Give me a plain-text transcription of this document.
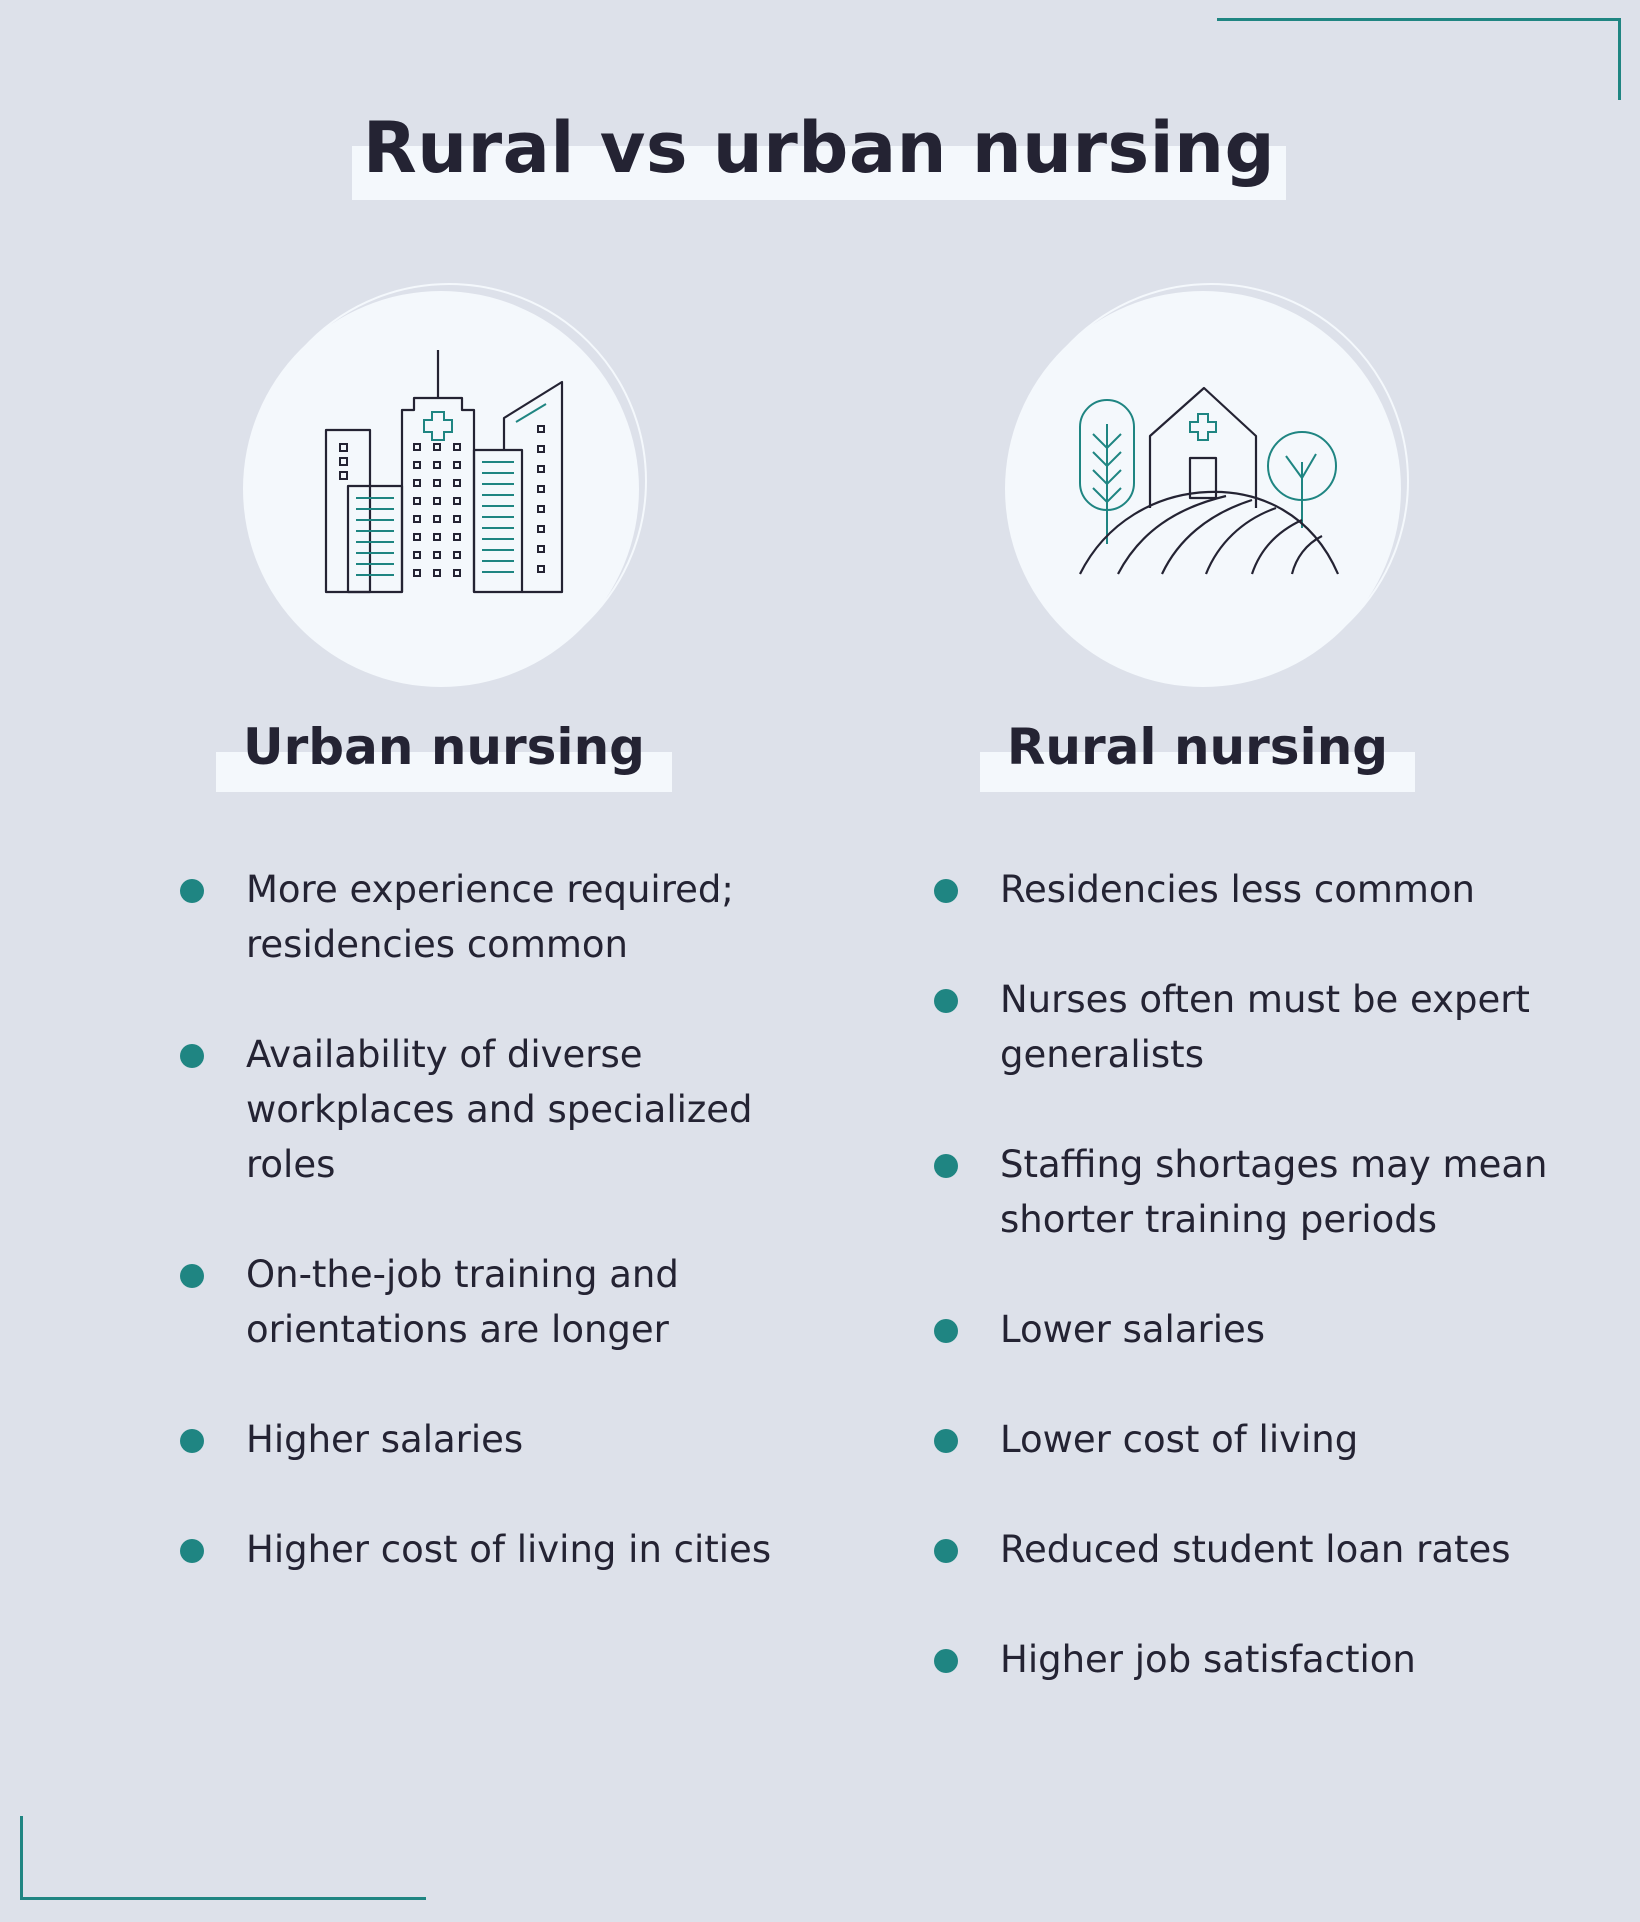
Rural vs urban nursing
Urban nursing	Rural nursing
More experience required; residencies common
Availability of diverse workplaces and specialized roles
On-the-job training and orientations are longer
Higher salaries
Higher cost of living in cities
Residencies less common
Nurses often must be expert generalists
Staffing shortages may mean shorter training periods
Lower salaries
Lower cost of living
Reduced student loan rates
Higher job satisfaction
